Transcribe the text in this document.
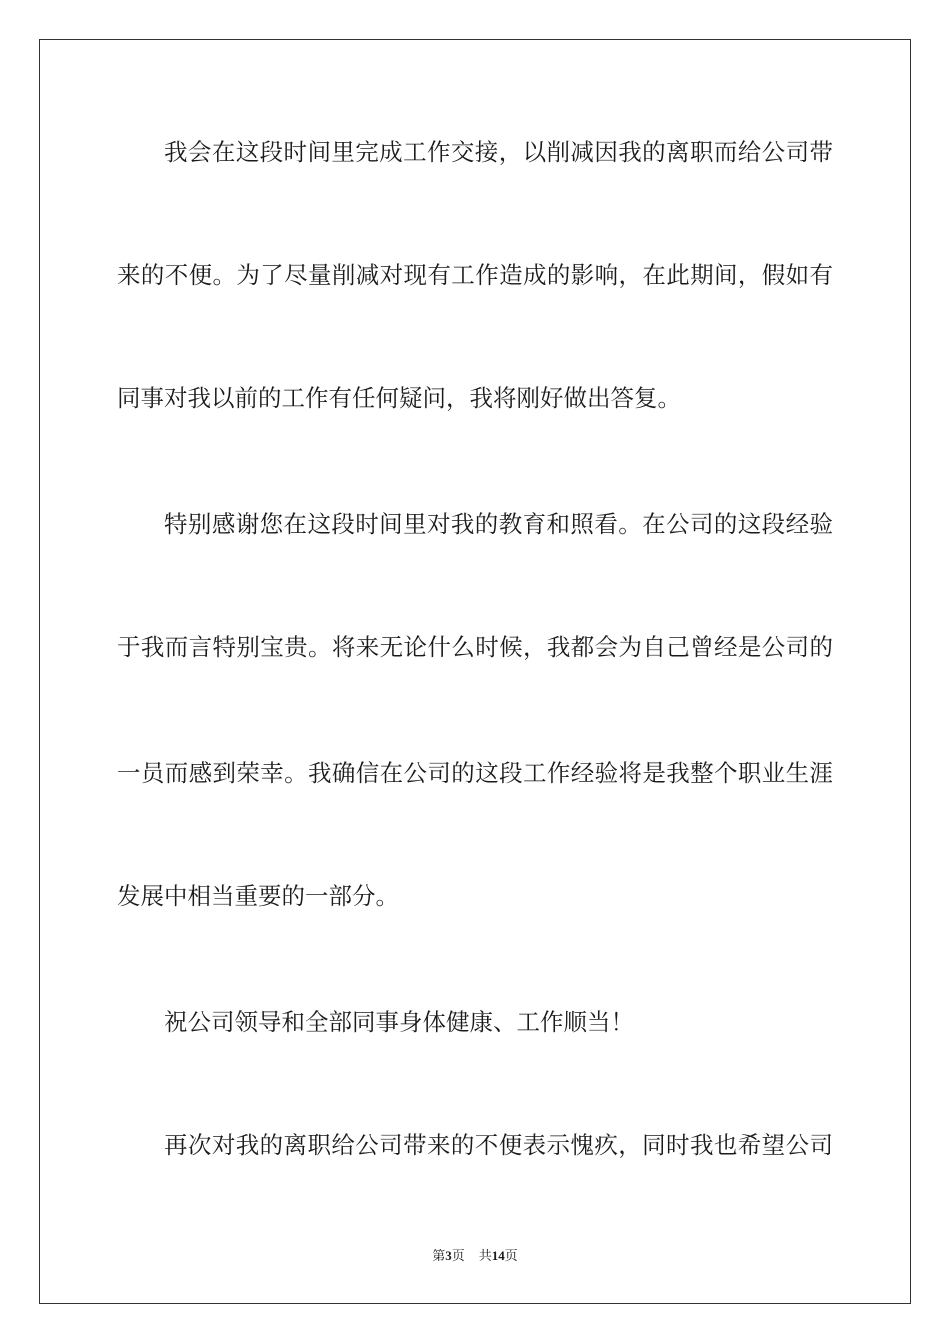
我会在这段时间里完成工作交接，以削减因我的离职而给公司带
来的不便。为了尽量削减对现有工作造成的影响，在此期间，假如有
同事对我以前的工作有任何疑问，我将刚好做出答复。
特别感谢您在这段时间里对我的教育和照看。在公司的这段经验
于我而言特别宝贵。将来无论什么时候，我都会为自己曾经是公司的
一员而感到荣幸。我确信在公司的这段工作经验将是我整个职业生涯
发展中相当重要的一部分。
祝公司领导和全部同事身体健康、工作顺当！
再次对我的离职给公司带来的不便表示愧疚，同时我也希望公司
第3页 共14页
